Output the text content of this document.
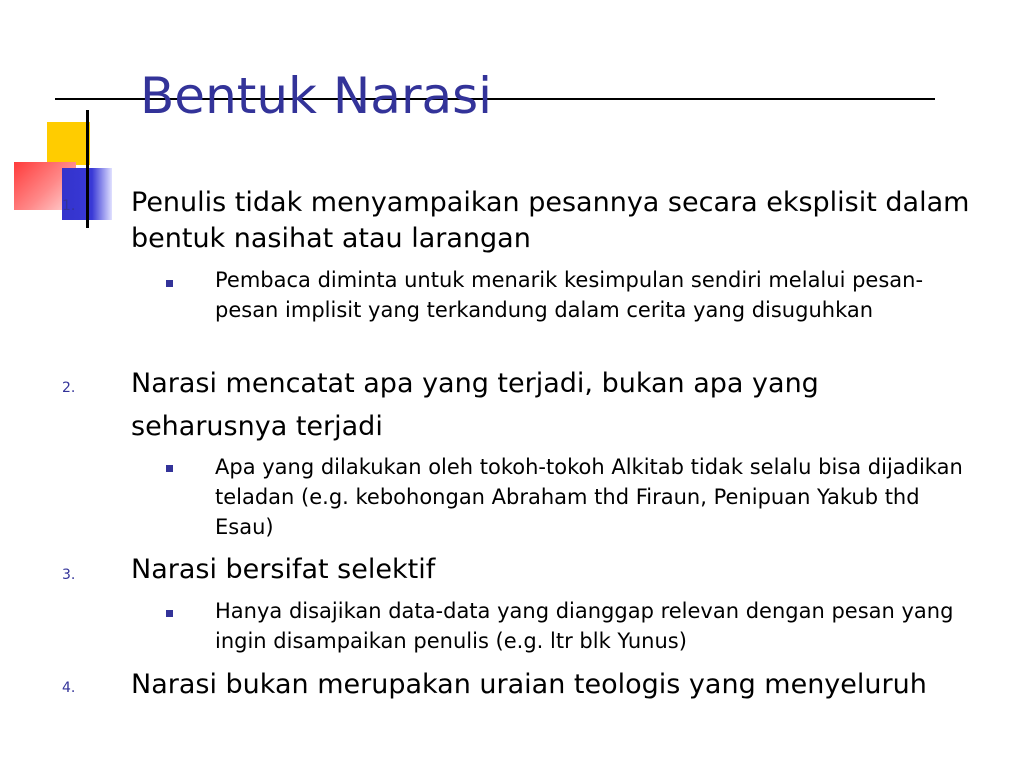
Bentuk Narasi
1. Penulis tidak menyampaikan pesannya secara eksplisit dalam bentuk nasihat atau larangan
Pembaca diminta untuk menarik kesimpulan sendiri melalui pesan-pesan implisit yang terkandung dalam cerita yang disuguhkan
2. Narasi mencatat apa yang terjadi, bukan apa yang seharusnya terjadi
Apa yang dilakukan oleh tokoh-tokoh Alkitab tidak selalu bisa dijadikan teladan (e.g. kebohongan Abraham thd Firaun, Penipuan Yakub thd Esau)
3. Narasi bersifat selektif
Hanya disajikan data-data yang dianggap relevan dengan pesan yang ingin disampaikan penulis (e.g. ltr blk Yunus)
4. Narasi bukan merupakan uraian teologis yang menyeluruh
